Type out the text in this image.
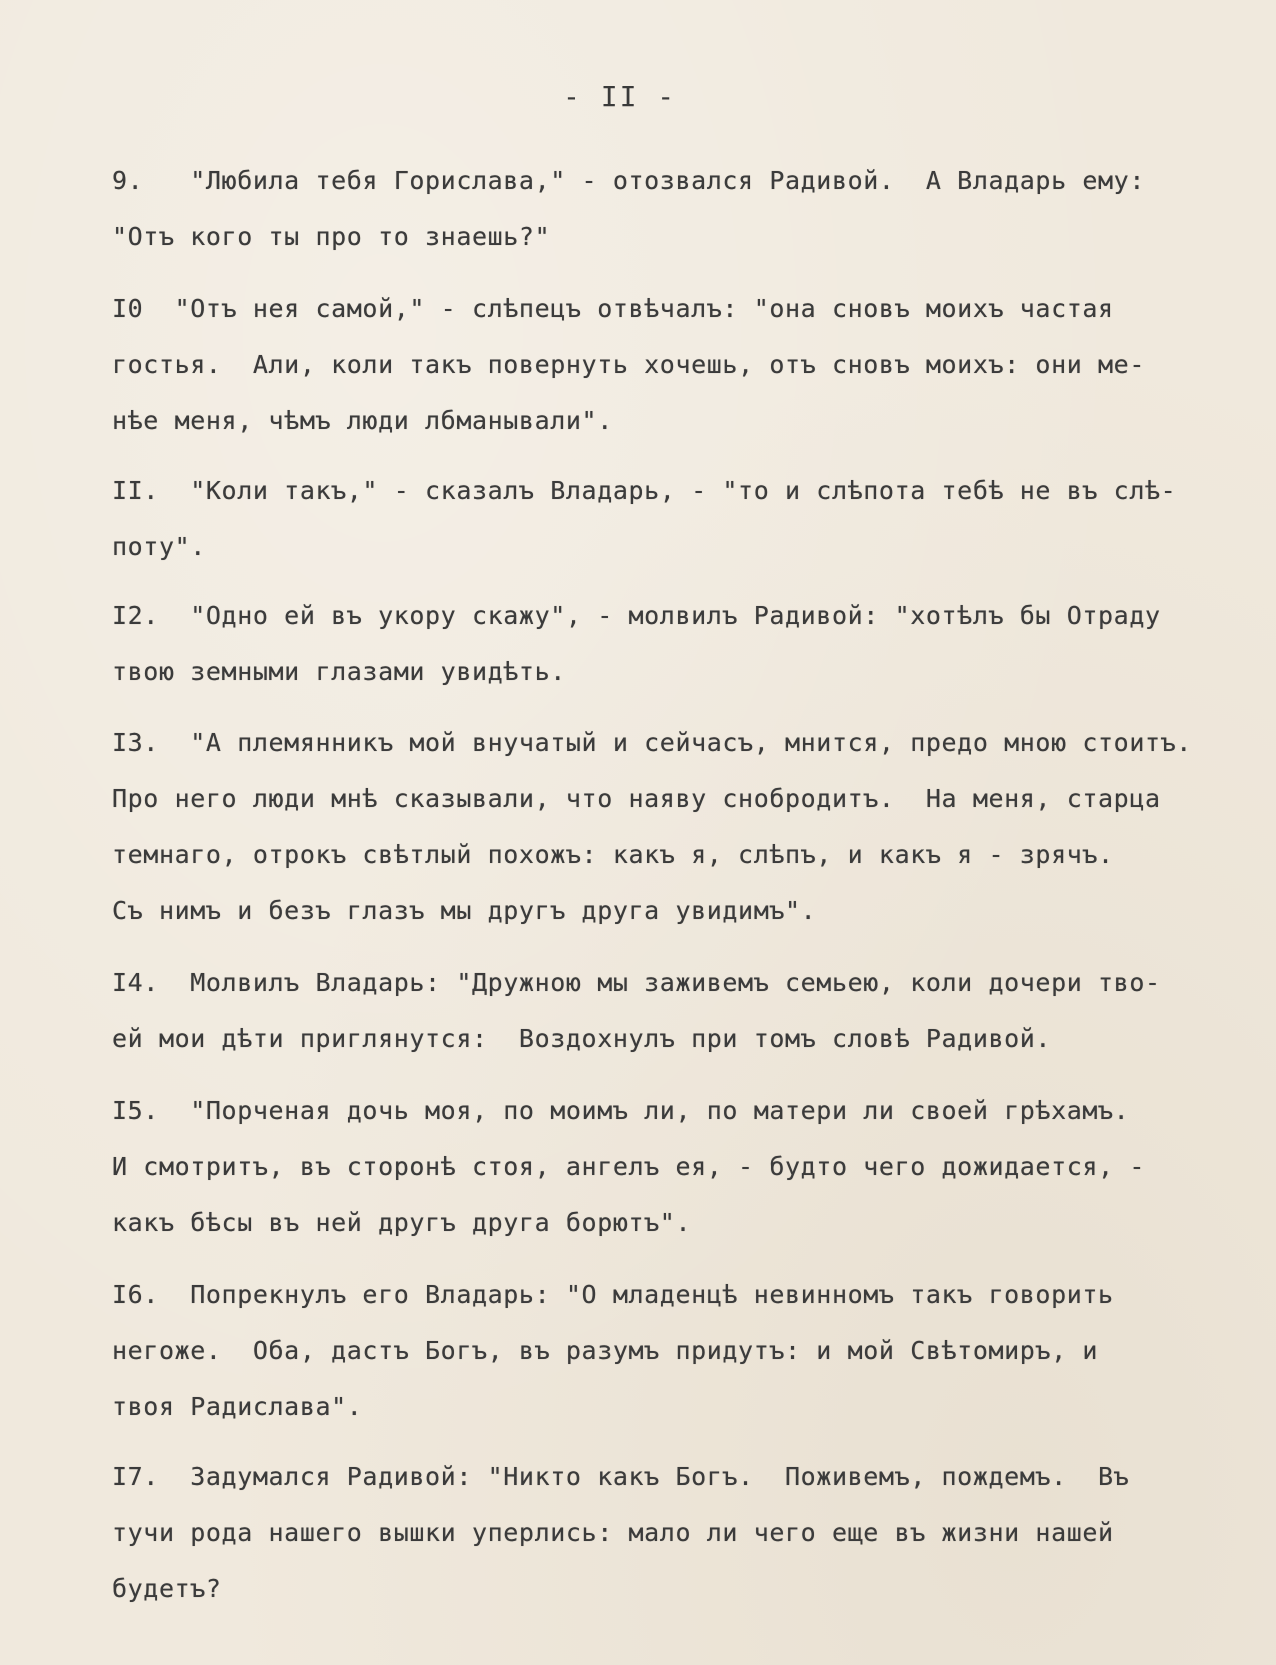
- II -
9.   "Любила тебя Горислава," - отозвался Радивой.  А Владарь ему:
"Отъ кого ты про то знаешь?"
I0  "Отъ нея самой," - слѣпецъ отвѣчалъ: "она сновъ моихъ частая
гостья.  Али, коли такъ повернуть хочешь, отъ сновъ моихъ: они ме-
нѣе меня, чѣмъ люди лбманывали".
II.  "Коли такъ," - сказалъ Владарь, - "то и слѣпота тебѣ не въ слѣ-
поту".
I2.  "Одно ей въ укору скажу", - молвилъ Радивой: "хотѣлъ бы Отраду
твою земными глазами увидѣть.
I3.  "А племянникъ мой внучатый и сейчасъ, мнится, предо мною стоитъ.
Про него люди мнѣ сказывали, что наяву снобродитъ.  На меня, старца
темнаго, отрокъ свѣтлый похожъ: какъ я, слѣпъ, и какъ я - зрячъ.
Съ нимъ и безъ глазъ мы другъ друга увидимъ".
I4.  Молвилъ Владарь: "Дружною мы заживемъ семьею, коли дочери тво-
ей мои дѣти приглянутся:  Воздохнулъ при томъ словѣ Радивой.
I5.  "Порченая дочь моя, по моимъ ли, по матери ли своей грѣхамъ.
И смотритъ, въ сторонѣ стоя, ангелъ ея, - будто чего дожидается, -
какъ бѣсы въ ней другъ друга борютъ".
I6.  Попрекнулъ его Владарь: "О младенцѣ невинномъ такъ говорить
негоже.  Оба, дастъ Богъ, въ разумъ придутъ: и мой Свѣтомиръ, и
твоя Радислава".
I7.  Задумался Радивой: "Никто какъ Богъ.  Поживемъ, пождемъ.  Въ
тучи рода нашего вышки уперлись: мало ли чего еще въ жизни нашей
будетъ?
